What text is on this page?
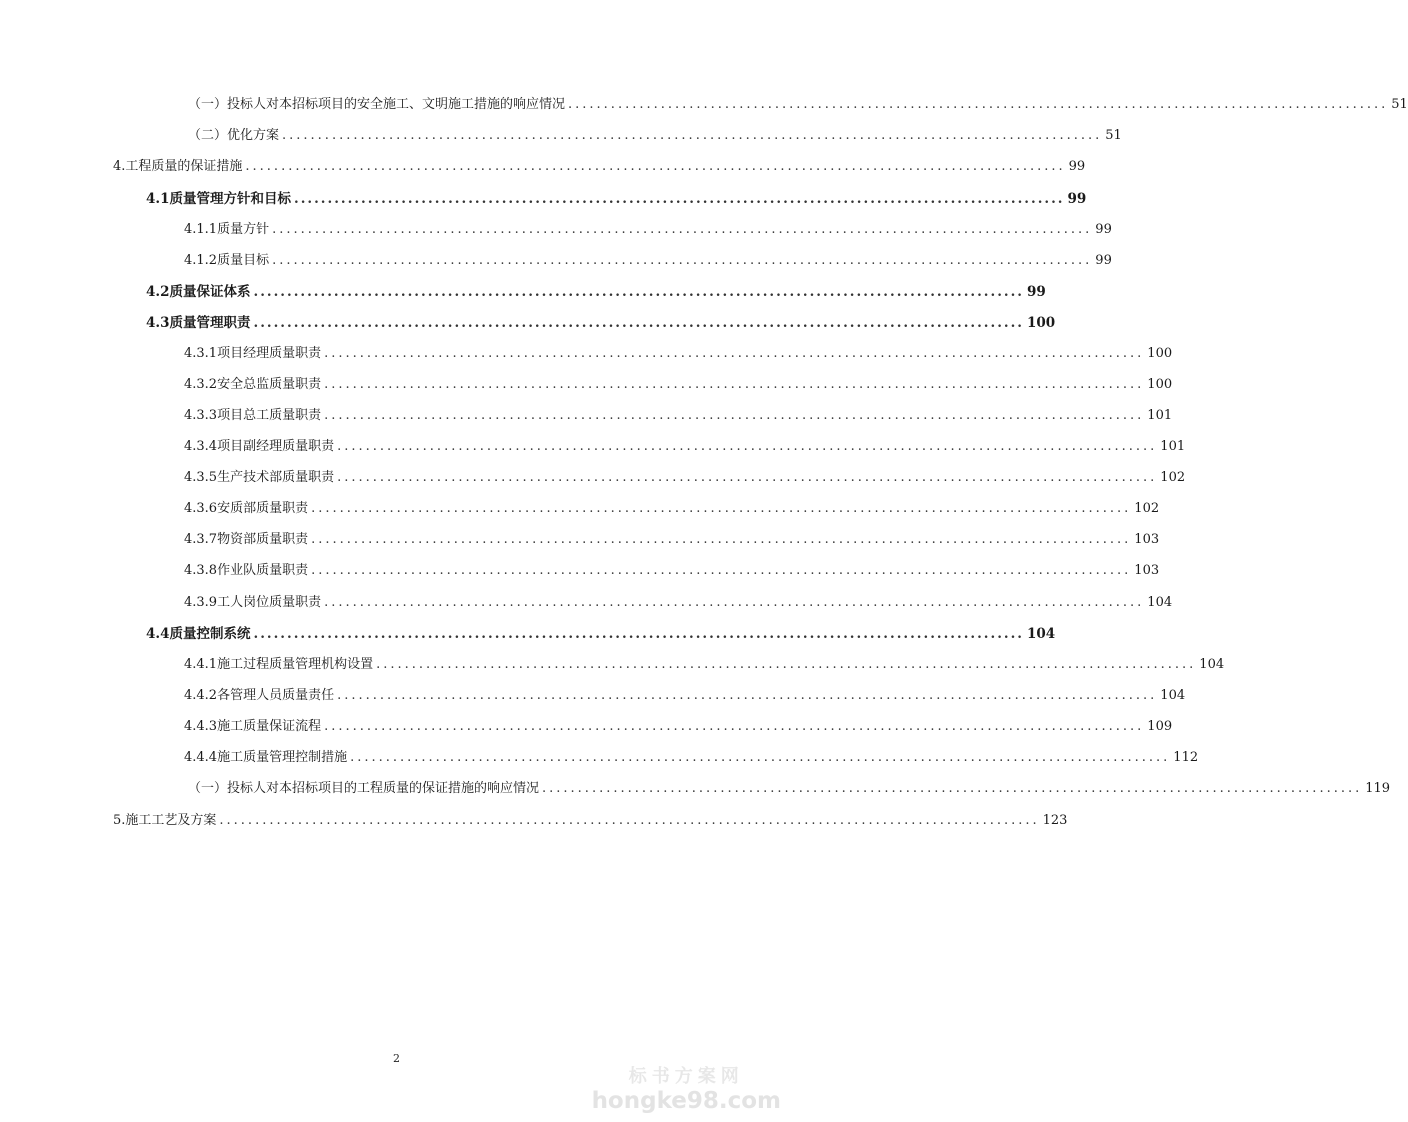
（一）投标人对本招标项目的安全施工、文明施工措施的响应情况 ................................................................................................................... 51
（二）优化方案 ................................................................................................................... 51
4.工程质量的保证措施 ................................................................................................................... 99
4.1质量管理方针和目标 ................................................................................................................... 99
4.1.1质量方针 ................................................................................................................... 99
4.1.2质量目标 ................................................................................................................... 99
4.2质量保证体系 ................................................................................................................... 99
4.3质量管理职责 ................................................................................................................... 100
4.3.1项目经理质量职责 ................................................................................................................... 100
4.3.2安全总监质量职责 ................................................................................................................... 100
4.3.3项目总工质量职责 ................................................................................................................... 101
4.3.4项目副经理质量职责 ................................................................................................................... 101
4.3.5生产技术部质量职责 ................................................................................................................... 102
4.3.6安质部质量职责 ................................................................................................................... 102
4.3.7物资部质量职责 ................................................................................................................... 103
4.3.8作业队质量职责 ................................................................................................................... 103
4.3.9工人岗位质量职责 ................................................................................................................... 104
4.4质量控制系统 ................................................................................................................... 104
4.4.1施工过程质量管理机构设置 ................................................................................................................... 104
4.4.2各管理人员质量责任 ................................................................................................................... 104
4.4.3施工质量保证流程 ................................................................................................................... 109
4.4.4施工质量管理控制措施 ................................................................................................................... 112
（一）投标人对本招标项目的工程质量的保证措施的响应情况 ................................................................................................................... 119
5.施工工艺及方案 ................................................................................................................... 123
2
标书方案网
hongke98.com
